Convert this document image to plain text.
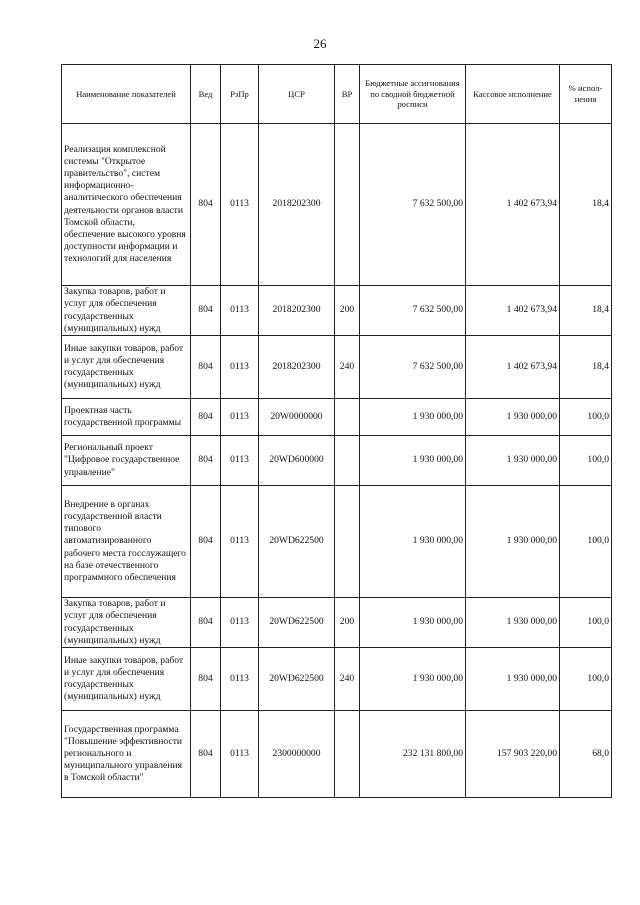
26
Наименование показателей	Вед	РзПр	ЦСР	ВР	Бюджетные ассигнования по сводной бюджетной росписи	Кассовое исполнение	% испол-нения
Реализация комплексной системы "Открытое правительство", систем информационно-аналитического обеспечения деятельности органов власти Томской области, обеспечение высокого уровня доступности информации и технологий для населения	804	0113	2018202300		7 632 500,00	1 402 673,94	18,4
Закупка товаров, работ и услуг для обеспечения государственных (муниципальных) нужд	804	0113	2018202300	200	7 632 500,00	1 402 673,94	18,4
Иные закупки товаров, работ и услуг для обеспечения государственных (муниципальных) нужд	804	0113	2018202300	240	7 632 500,00	1 402 673,94	18,4
Проектная часть государственной программы	804	0113	20W0000000		1 930 000,00	1 930 000,00	100,0
Региональный проект "Цифровое государственное управление"	804	0113	20WD600000		1 930 000,00	1 930 000,00	100,0
Внедрение в органах государственной власти типового автоматизированного рабочего места госслужащего на базе отечественного программного обеспечения	804	0113	20WD622500		1 930 000,00	1 930 000,00	100,0
Закупка товаров, работ и услуг для обеспечения государственных (муниципальных) нужд	804	0113	20WD622500	200	1 930 000,00	1 930 000,00	100,0
Иные закупки товаров, работ и услуг для обеспечения государственных (муниципальных) нужд	804	0113	20WD622500	240	1 930 000,00	1 930 000,00	100,0
Государственная программа "Повышение эффективности регионального и муниципального управления в Томской области"	804	0113	2300000000		232 131 800,00	157 903 220,00	68,0
